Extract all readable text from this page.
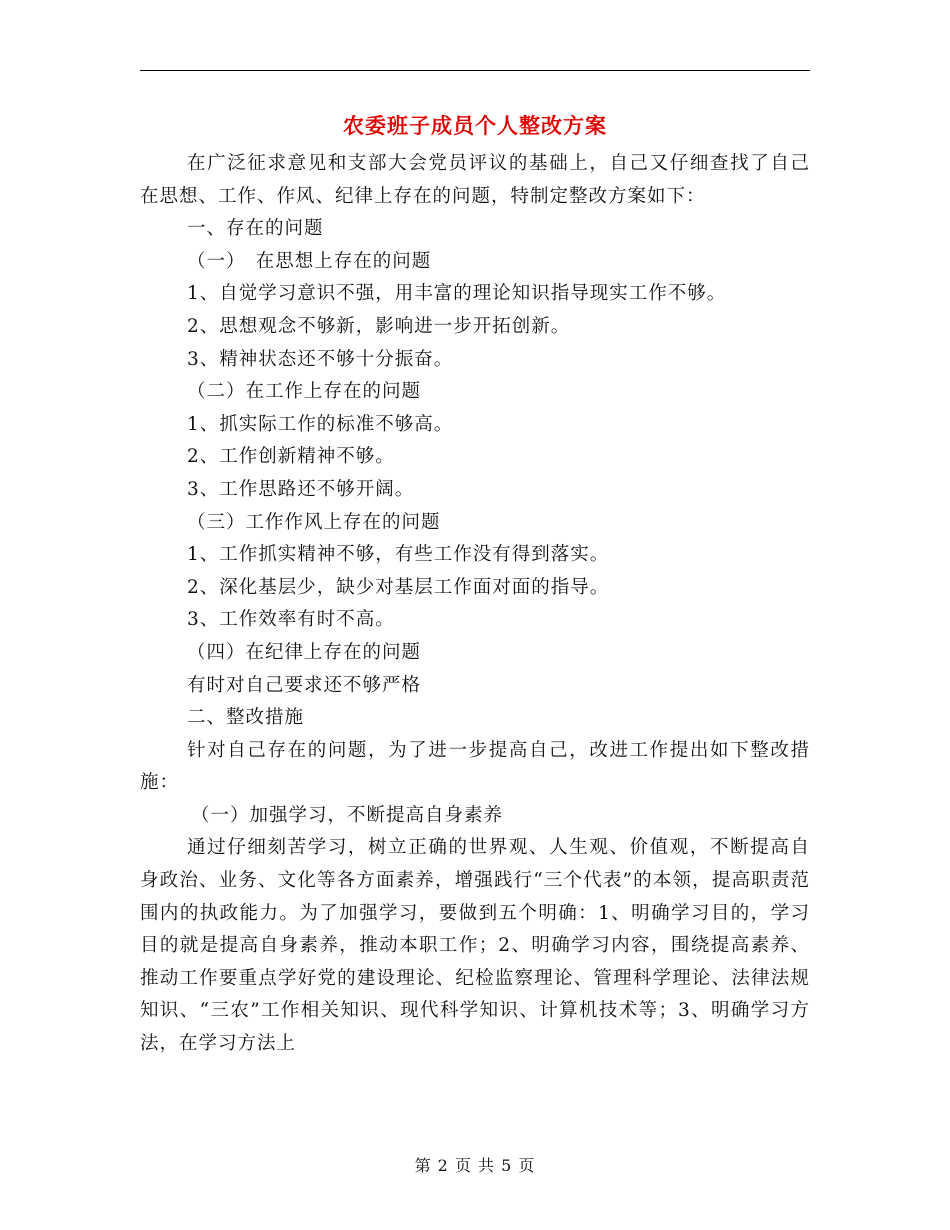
农委班子成员个人整改方案

在广泛征求意见和支部大会党员评议的基础上，自己又仔细查找了自己在思想、工作、作风、纪律上存在的问题，特制定整改方案如下：

一、存在的问题

（一）　在思想上存在的问题

1、自觉学习意识不强，用丰富的理论知识指导现实工作不够。

2、思想观念不够新，影响进一步开拓创新。

3、精神状态还不够十分振奋。

（二）在工作上存在的问题

1、抓实际工作的标准不够高。

2、工作创新精神不够。

3、工作思路还不够开阔。

（三）工作作风上存在的问题

1、工作抓实精神不够，有些工作没有得到落实。

2、深化基层少，缺少对基层工作面对面的指导。

3、工作效率有时不高。

（四）在纪律上存在的问题

有时对自己要求还不够严格

二、整改措施

针对自己存在的问题，为了进一步提高自己，改进工作提出如下整改措施：

（一）加强学习，不断提高自身素养

通过仔细刻苦学习，树立正确的世界观、人生观、价值观，不断提高自身政治、业务、文化等各方面素养，增强践行“三个代表”的本领，提高职责范围内的执政能力。为了加强学习，要做到五个明确：1、明确学习目的，学习目的就是提高自身素养，推动本职工作；2、明确学习内容，围绕提高素养、推动工作要重点学好党的建设理论、纪检监察理论、管理科学理论、法律法规知识、“三农”工作相关知识、现代科学知识、计算机技术等；3、明确学习方法，在学习方法上

第 2 页 共 5 页
